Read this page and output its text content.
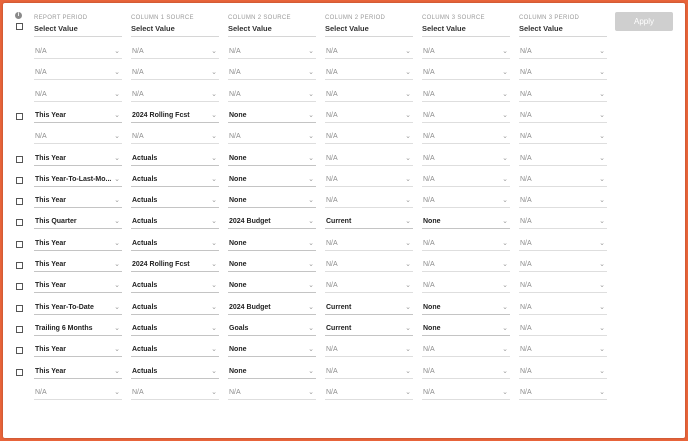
i
Apply
REPORT PERIOD
Select Value
COLUMN 1 SOURCE
Select Value
COLUMN 2 SOURCE
Select Value
COLUMN 2 PERIOD
Select Value
COLUMN 3 SOURCE
Select Value
COLUMN 3 PERIOD
Select Value
N/A	⌄ N/A	⌄ N/A	⌄ N/A	⌄ N/A	⌄ N/A	⌄
N/A	⌄ N/A	⌄ N/A	⌄ N/A	⌄ N/A	⌄ N/A	⌄
N/A	⌄ N/A	⌄ N/A	⌄ N/A	⌄ N/A	⌄ N/A	⌄
This Year	⌄ 2024 Rolling Fcst	⌄ None	⌄ N/A	⌄ N/A	⌄ N/A	⌄
N/A	⌄ N/A	⌄ N/A	⌄ N/A	⌄ N/A	⌄ N/A	⌄
This Year	⌄ Actuals	⌄ None	⌄ N/A	⌄ N/A	⌄ N/A	⌄
This Year-To-Last-Mo... ⌄ Actuals	⌄ None	⌄ N/A	⌄ N/A	⌄ N/A	⌄
This Year	⌄ Actuals	⌄ None	⌄ N/A	⌄ N/A	⌄ N/A	⌄
This Quarter	⌄ Actuals	⌄ 2024 Budget	⌄ Current	⌄ None	⌄ N/A	⌄
This Year	⌄ Actuals	⌄ None	⌄ N/A	⌄ N/A	⌄ N/A	⌄
This Year	⌄ 2024 Rolling Fcst	⌄ None	⌄ N/A	⌄ N/A	⌄ N/A	⌄
This Year	⌄ Actuals	⌄ None	⌄ N/A	⌄ N/A	⌄ N/A	⌄
This Year-To-Date	⌄ Actuals	⌄ 2024 Budget	⌄ Current	⌄ None	⌄ N/A	⌄
Trailing 6 Months	⌄ Actuals	⌄ Goals	⌄ Current	⌄ None	⌄ N/A	⌄
This Year	⌄ Actuals	⌄ None	⌄ N/A	⌄ N/A	⌄ N/A	⌄
This Year	⌄ Actuals	⌄ None	⌄ N/A	⌄ N/A	⌄ N/A	⌄
N/A	⌄ N/A	⌄ N/A	⌄ N/A	⌄ N/A	⌄ N/A	⌄
